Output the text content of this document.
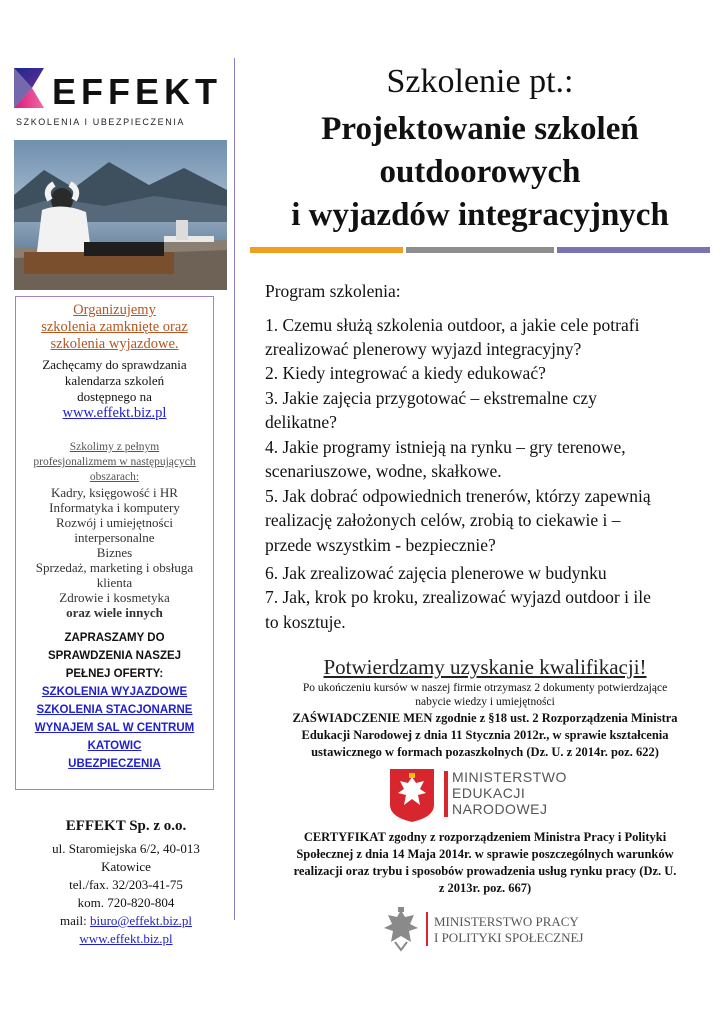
EFFEKT
SZKOLENIA I UBEZPIECZENIA
Organizujemy
szkolenia zamknięte oraz
szkolenia wyjazdowe.
Zachęcamy do sprawdzania
kalendarza szkoleń
dostępnego na
www.effekt.biz.pl
Szkolimy z pełnym
profesjonalizmem w następujących
obszarach:
Kadry, księgowość i HR
Informatyka i komputery
Rozwój i umiejętności
interpersonalne
Biznes
Sprzedaż, marketing i obsługa
klienta
Zdrowie i kosmetyka
oraz wiele innych
ZAPRASZAMY DO
SPRAWDZENIA NASZEJ
PEŁNEJ OFERTY:
SZKOLENIA WYJAZDOWE
SZKOLENIA STACJONARNE
WYNAJEM SAL W CENTRUM
KATOWIC
UBEZPIECZENIA
EFFEKT Sp. z o.o.
ul. Staromiejska 6/2, 40-013
Katowice
tel./fax. 32/203-41-75
kom. 720-820-804
mail: biuro@effekt.biz.pl
www.effekt.biz.pl
Szkolenie pt.:
Projektowanie szkoleń
outdoorowych
i wyjazdów integracyjnych
Program szkolenia:
1. Czemu służą szkolenia outdoor, a jakie cele potrafi
zrealizować plenerowy wyjazd integracyjny?
2. Kiedy integrować a kiedy edukować?
3. Jakie zajęcia przygotować – ekstremalne czy
delikatne?
4. Jakie programy istnieją na rynku – gry terenowe,
scenariuszowe, wodne, skałkowe.
5. Jak dobrać odpowiednich trenerów, którzy zapewnią
realizację założonych celów, zrobią to ciekawie i –
przede wszystkim - bezpiecznie?
6. Jak zrealizować zajęcia plenerowe w budynku
7. Jak, krok po kroku, zrealizować wyjazd outdoor i ile
to kosztuje.
Potwierdzamy uzyskanie kwalifikacji!
Po ukończeniu kursów w naszej firmie otrzymasz 2 dokumenty potwierdzające
nabycie wiedzy i umiejętności
ZAŚWIADCZENIE MEN zgodnie z §18 ust. 2 Rozporządzenia Ministra
Edukacji Narodowej z dnia 11 Stycznia 2012r., w sprawie kształcenia
ustawicznego w formach pozaszkolnych (Dz. U. z 2014r. poz. 622)
MINISTERSTWO
EDUKACJI
NARODOWEJ
CERTYFIKAT zgodny z rozporządzeniem Ministra Pracy i Polityki
Społecznej z dnia 14 Maja 2014r. w sprawie poszczególnych warunków
realizacji oraz trybu i sposobów prowadzenia usług rynku pracy (Dz. U.
z 2013r. poz. 667)
MINISTERSTWO PRACY
I POLITYKI SPOŁECZNEJ
